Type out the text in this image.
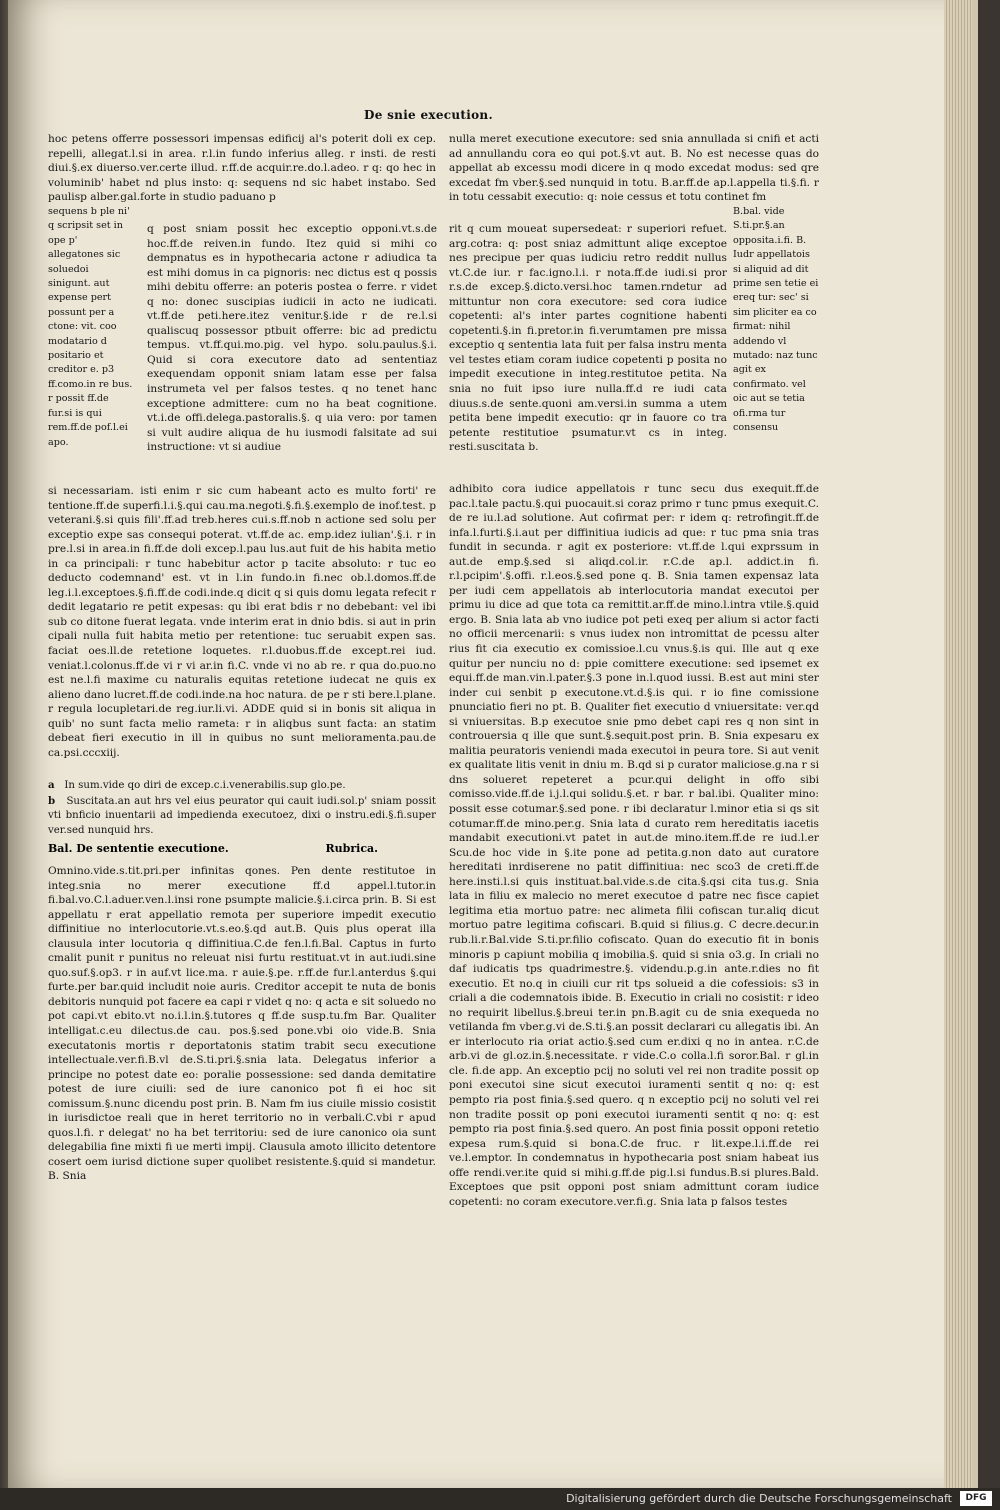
De snie execution.

hoc petens offerre possessori impensas edificij al's poterit doli ex cep. repelli, allegat.l.si in area. r.l.in fundo inferius alleg. r insti. de resti diui.§.ex diuerso.ver.certe illud. r.ff.de acquir.re.do.l.adeo. r q: qo hec in voluminib' habet nd plus insto: q: sequens nd sic habet instabo. Sed paulisp alber.gal.forte in studio paduano p

sequens b ple ni' q scripsit set in ope p' allegatones sic soluedoi sinigunt. aut expense pert possunt per a ctone: vit. coo modatario d positario et creditor e. p3 ff.como.in re bus. r possit ff.de fur.si is qui rem.ff.de pof.l.ei apo.
q post sniam possit hec exceptio opponi.vt.s.de hoc.ff.de reiven.in fundo. Itez quid si mihi co dempnatus es in hypothecaria actone r adiudica ta est mihi domus in ca pignoris: nec dictus est q possis mihi debitu offerre: an poteris postea o ferre. r videt q no: donec suscipias iudicii in acto ne iudicati. vt.ff.de peti.here.itez venitur.§.ide r de re.l.si qualiscuq possessor ptbuit offerre: bic ad predictu tempus. vt.ff.qui.mo.pig. vel hypo. solu.paulus.§.i. Quid si cora executore dato ad sententiaz exequendam opponit sniam latam esse per falsa instrumeta vel per falsos testes. q no tenet hanc exceptione admittere: cum no ha beat cognitione. vt.i.de offi.delega.pastoralis.§. q uia vero: por tamen si vult audire aliqua de hu iusmodi falsitate ad sui instructione: vt si audiue
si necessariam. isti enim r sic cum habeant acto es multo forti' re tentione.ff.de superfi.l.i.§.qui cau.ma.negoti.§.fi.§.exemplo de inof.test. p veterani.§.si quis fili'.ff.ad treb.heres cui.s.ff.nob n actione sed solu per exceptio expe sas consequi poterat. vt.ff.de ac. emp.idez iulian'.§.i. r in pre.l.si in area.in fi.ff.de doli excep.l.pau lus.aut fuit de his habita metio in ca principali: r tunc habebitur actor p tacite absoluto: r tuc eo deducto codemnand' est. vt in l.in fundo.in fi.nec ob.l.domos.ff.de leg.i.l.exceptoes.§.fi.ff.de codi.inde.q dicit q si quis domu legata refecit r dedit legatario re petit expesas: qu ibi erat bdis r no debebant: vel ibi sub co ditone fuerat legata. vnde interim erat in dnio bdis. si aut in prin cipali nulla fuit habita metio per retentione: tuc seruabit expen sas. faciat oes.ll.de retetione loquetes. r.l.duobus.ff.de except.rei iud. veniat.l.colonus.ff.de vi r vi ar.in fi.C. vnde vi no ab re. r qua do.puo.no est ne.l.fi maxime cu naturalis equitas retetione iudecat ne quis ex alieno dano lucret.ff.de codi.inde.na hoc natura. de pe r sti bere.l.plane. r regula locupletari.de reg.iur.li.vi. ADDE quid si in bonis sit aliqua in quib' no sunt facta melio rameta: r in aliqbus sunt facta: an statim debeat fieri executio in ill in quibus no sunt melioramenta.pau.de ca.psi.cccxiij.

a In sum.vide qo diri de excep.c.i.venerabilis.sup glo.pe.

b Suscitata.an aut hrs vel eius peurator qui cauit iudi.sol.p' sniam possit vti bnficio inuentarii ad impedienda executoez, dixi o instru.edi.§.fi.super ver.sed nunquid hrs.

Bal. De sententie executione.	Rubrica.
Omnino.vide.s.tit.pri.per infinitas qones. Pen dente restitutoe in integ.snia no merer executione ff.d appel.l.tutor.in fi.bal.vo.C.l.aduer.ven.l.insi rone psumpte malicie.§.i.circa prin. B. Si est appellatu r erat appellatio remota per superiore impedit executio diffinitiue no interlocutorie.vt.s.eo.§.qd aut.B. Quis plus operat illa clausula inter locutoria q diffinitiua.C.de fen.l.fi.Bal. Captus in furto cmalit punit r punitus no releuat nisi furtu restituat.vt in aut.iudi.sine quo.suf.§.op3. r in auf.vt lice.ma. r auie.§.pe. r.ff.de fur.l.anterdus §.qui furte.per bar.quid includit noie auris. Creditor accepit te nuta de bonis debitoris nunquid pot facere ea capi r videt q no: q acta e sit soluedo no pot capi.vt ebito.vt no.i.l.in.§.tutores q ff.de susp.tu.fm Bar. Qualiter intelligat.c.eu dilectus.de cau. pos.§.sed pone.vbi oio vide.B. Snia executatonis mortis r deportatonis statim trabit secu executione intellectuale.ver.fi.B.vl de.S.ti.pri.§.snia lata. Delegatus inferior a principe no potest date eo: poralie possessione: sed danda demitatire potest de iure ciuili: sed de iure canonico pot fi ei hoc sit comissum.§.nunc dicendu post prin. B. Nam fm ius ciuile missio cosistit in iurisdictoe reali que in heret territorio no in verbali.C.vbi r apud quos.l.fi. r delegat' no ha bet territoriu: sed de iure canonico oia sunt delegabilia fine mixti fi ue merti impij. Clausula amoto illicito detentore cosert oem iurisd dictione super quolibet resistente.§.quid si mandetur. B. Snia
nulla meret executione executore: sed snia annullada si cnifi et acti ad annullandu cora eo qui pot.§.vt aut. B. No est necesse quas do appellat ab excessu modi dicere in q modo excedat modus: sed qre excedat fm vber.§.sed nunquid in totu. B.ar.ff.de ap.l.appella ti.§.fi. r in totu cessabit executio: q: noie cessus et totu continet fm
rit q cum moueat supersedeat: r superiori refuet. arg.cotra: q: post sniaz admittunt aliqe exceptoe nes precipue per quas iudiciu retro reddit nullus vt.C.de iur. r fac.igno.l.i. r nota.ff.de iudi.si pror r.s.de excep.§.dicto.versi.hoc tamen.rndetur ad mittuntur non cora executore: sed cora iudice copetenti: al's inter partes cognitione habenti copetenti.§.in fi.pretor.in fi.verumtamen pre missa exceptio q sententia lata fuit per falsa instru menta vel testes etiam coram iudice copetenti p posita no impedit executione in integ.restitutoe petita. Na snia no fuit ipso iure nulla.ff.d re iudi cata diuus.s.de sente.quoni am.versi.in summa a utem petita bene impedit executio: qr in fauore co tra petente restitutioe psumatur.vt cs in integ. resti.suscitata b.
B.bal. vide S.ti.pr.§.an opposita.i.fi. B. Iudr appellatois si aliquid ad dit prime sen tetie ei ereq tur: sec' si sim pliciter ea co firmat: nihil addendo vl mutado: naz tunc agit ex confirmato. vel oic aut se tetia ofi.rma tur consensu
adhibito cora iudice appellatois r tunc secu dus exequit.ff.de pac.l.tale pactu.§.qui puocauit.si coraz primo r tunc pmus exequit.C. de re iu.l.ad solutione. Aut cofirmat per: r idem q: retrofingit.ff.de infa.l.furti.§.i.aut per diffinitiua iudicis ad que: r tuc pma snia tras fundit in secunda. r agit ex posteriore: vt.ff.de l.qui exprssum in aut.de emp.§.sed si aliqd.col.ir. r.C.de ap.l. addict.in fi. r.l.pcipim'.§.offi. r.l.eos.§.sed pone q. B. Snia tamen expensaz lata per iudi cem appellatois ab interlocutoria mandat executoi per primu iu dice ad que tota ca remittit.ar.ff.de mino.l.intra vtile.§.quid ergo. B. Snia lata ab vno iudice pot peti exeq per alium si actor facti no officii mercenarii: s vnus iudex non intromittat de pcessu alter rius fit cia executio ex comissioe.l.cu vnus.§.is qui. Ille aut q exe quitur per nunciu no d: ppie comittere executione: sed ipsemet ex equi.ff.de man.vin.l.pater.§.3 pone in.l.quod iussi. B.est aut mini ster inder cui senbit p executone.vt.d.§.is qui. r io fine comissione pnunciatio fieri no pt. B. Qualiter fiet executio d vniuersitate: ver.qd si vniuersitas. B.p executoe snie pmo debet capi res q non sint in controuersia q ille que sunt.§.sequit.post prin. B. Snia expesaru ex malitia peuratoris veniendi mada executoi in peura tore. Si aut venit ex qualitate litis venit in dniu m. B.qd si p curator maliciose.g.na r si dns solueret repeteret a pcur.qui delight in offo sibi comisso.vide.ff.de i.j.l.qui solidu.§.et. r bar. r bal.ibi. Qualiter mino: possit esse cotumar.§.sed pone. r ibi declaratur l.minor etia si qs sit cotumar.ff.de mino.per.g. Snia lata d curato rem hereditatis iacetis mandabit executioni.vt patet in aut.de mino.item.ff.de re iud.l.er Scu.de hoc vide in §.ite pone ad petita.g.non dato aut curatore hereditati inrdiserene no patit diffinitiua: nec sco3 de creti.ff.de here.insti.l.si quis instituat.bal.vide.s.de cita.§.qsi cita tus.g. Snia lata in filiu ex malecio no meret executoe d patre nec fisce capiet legitima etia mortuo patre: nec alimeta filii cofiscan tur.aliq dicut mortuo patre legitima cofiscari. B.quid si filius.g. C decre.decur.in rub.li.r.Bal.vide S.ti.pr.filio cofiscato. Quan do executio fit in bonis minoris p capiunt mobilia q imobilia.§. quid si snia o3.g. In criali no daf iudicatis tps quadrimestre.§. videndu.p.g.in ante.r.dies no fit executio. Et no.q in ciuili cur rit tps solueid a die cofessiois: s3 in criali a die codemnatois ibide. B. Executio in criali no cosistit: r ideo no requirit libellus.§.breui ter.in pn.B.agit cu de snia exequeda no vetilanda fm vber.g.vi de.S.ti.§.an possit declarari cu allegatis ibi. An er interlocuto ria oriat actio.§.sed cum er.dixi q no in antea. r.C.de arb.vi de gl.oz.in.§.necessitate. r vide.C.o colla.l.fi soror.Bal. r gl.in cle. fi.de app. An exceptio pcij no soluti vel rei non tradite possit op poni executoi sine sicut executoi iuramenti sentit q no: q: est pempto ria post finia.§.sed quero. q n exceptio pcij no soluti vel rei non tradite possit op poni executoi iuramenti sentit q no: q: est pempto ria post finia.§.sed quero. An post finia possit opponi retetio expesa rum.§.quid si bona.C.de fruc. r lit.expe.l.i.ff.de rei ve.l.emptor. In condemnatus in hypothecaria post sniam habeat ius offe rendi.ver.ite quid si mihi.g.ff.de pig.l.si fundus.B.si plures.Bald. Exceptoes que psit opponi post sniam admittunt coram iudice copetenti: no coram executore.ver.fi.g. Snia lata p falsos testes
Digitalisierung gefördert durch die Deutsche Forschungsgemeinschaft	DFG
